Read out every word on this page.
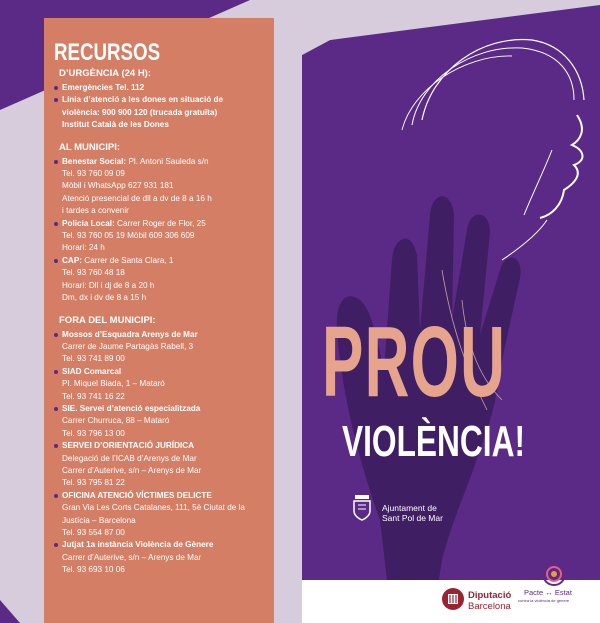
PROU
VIOLÈNCIA!
Ajuntament de
Sant Pol de Mar
Diputació
Barcelona
Pacte ↔ Estat
contra la violència de gènere
RECURSOS
D’URGÈNCIA (24 H):
Emergències Tel. 112
Línia d’atenció a les dones en situació de
violència: 900 900 120 (trucada gratuïta)
Institut Català de les Dones
AL MUNICIPI:
Benestar Social: Pl. Antoni Sauleda s/n
Tel. 93 760 09 09
Mòbil i WhatsApp 627 931 181
Atenció presencial de dll a dv de 8 a 16 h
i tardes a convenir
Policia Local: Carrer Roger de Flor, 25
Tel. 93 760 05 19 Mòbil 609 306 609
Horari: 24 h
CAP: Carrer de Santa Clara, 1
Tel. 93 760 48 18
Horari: Dll i dj de 8 a 20 h
Dm, dx i dv de 8 a 15 h
FORA DEL MUNICIPI:
Mossos d’Esquadra Arenys de Mar
Carrer de Jaume Partagàs Rabell, 3
Tel. 93 741 89 00
SIAD Comarcal
Pl. Miquel Biada, 1 – Mataró
Tel. 93 741 16 22
SIE. Servei d’atenció especialitzada
Carrer Churruca, 88 – Mataró
Tel. 93 796 13 00
SERVEI D’ORIENTACIÓ JURÍDICA
Delegació de l’ICAB d’Arenys de Mar
Carrer d’Auterive, s/n – Arenys de Mar
Tel. 93 795 81 22
OFICINA ATENCIÓ VÍCTIMES DELICTE
Gran Via Les Corts Catalanes, 111, 5è Ciutat de la
Justícia – Barcelona
Tel. 93 554 87 00
Jutjat 1a instància Violència de Gènere
Carrer d’Auterive, s/n – Arenys de Mar
Tel. 93 693 10 06
